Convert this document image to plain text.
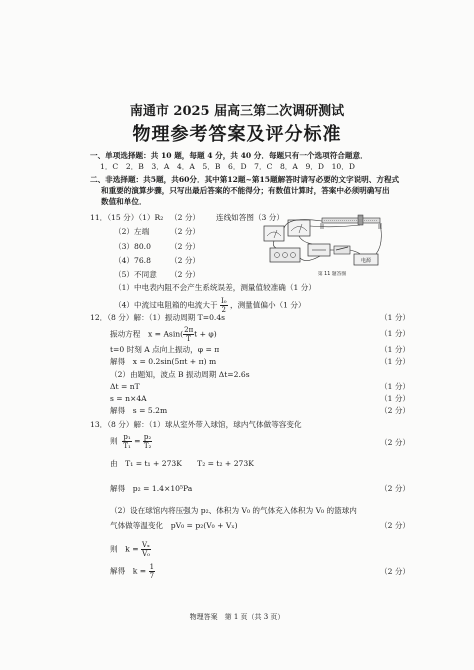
南通市 2025 届高三第二次调研测试
物理参考答案及评分标准
一、单项选择题：共 10 题，每题 4 分，共 40 分．每题只有一个选项符合题意．
1．C　2．B　3．A　4．A　5．B　6．D　7．C　8．A　9．D　10．D
二、非选择题：共5题，共60分．其中第12题~第15题解答时请写必要的文字说明、方程式
和重要的演算步骤，只写出最后答案的不能得分；有数值计算时，答案中必须明确写出
数值和单位．
11．（15 分）（1）R₂ （2 分） 连线如答图（3 分）
（2）左端	（2 分）
（3）80.0	（2 分）
（4）76.8	（2 分）
（5）不同意 （2 分）
（1）中电表内阻不会产生系统误差，测量值较准确（1 分）
（4）中流过电阻箱的电流大于 $\frac{\text{I₀}}{2}$ ，测量值偏小（1 分）
电源
第 11 题答图
12．（8 分）解：（1）振动周期 T=0.4s	（1 分）
振动方程　$x = Asin( \frac{2\pi}{T}$ t + φ)	（1 分）
t=0 时刻 A 点向上振动，φ = π	（1 分）
解得　x = 0.2sin(5πt + π) m	（1 分）
（2）由题知，波点 B 振动周期 Δt=2.6s
Δt = nT	（1 分）
s = n×4A	（1 分）
解得　s = 5.2m	（2 分）
13．（8 分）解：（1）球从室外带入球馆，球内气体做等容变化
则 $\frac{\text{p₁}}{\text{T₁}} = \frac{\text{p₂}}{\text{T₂}}$	（2 分）
由　T₁ = t₁ + 273K　　T₂ = t₂ + 273K
解得　p₂ = 1.4×10⁵Pa	（2 分）
（2）设在球馆内将压强为 p₂、体积为 V₀ 的气体充入体积为 V₀ 的篮球内
气体做等温变化　pV₀ = p₂(V₀ + Vₓ)	（2 分）
则　$k = \frac{\text{Vₓ}}{\text{V₀}}$
解得　$k = \frac{1}{7}$	（2 分）
物理答案　第 1 页（共 3 页）
